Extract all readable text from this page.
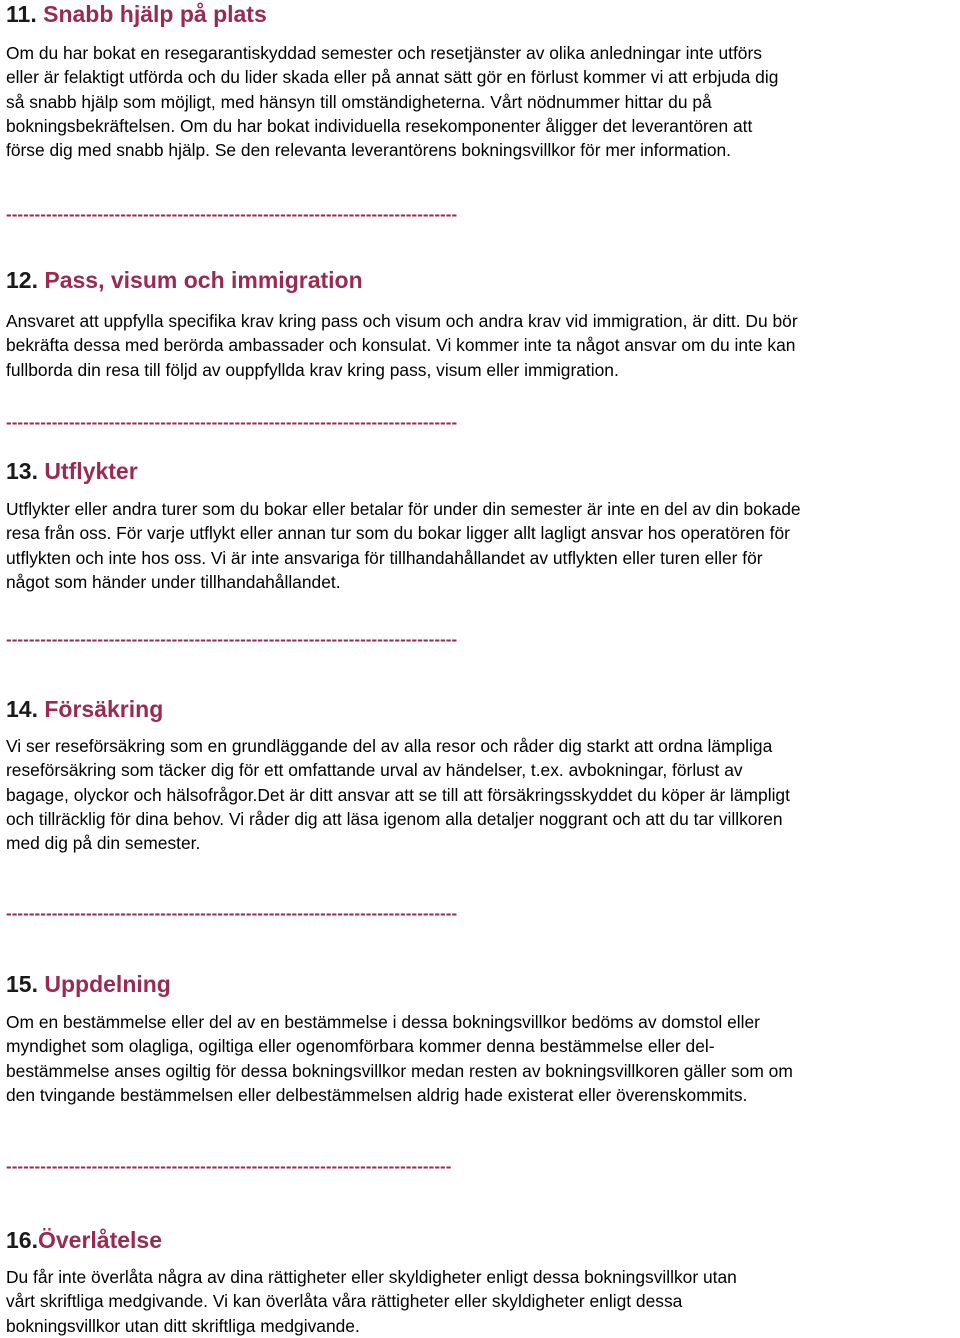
11. Snabb hjälp på plats

Om du har bokat en resegarantiskyddad semester och resetjänster av olika anledningar inte utförs
eller är felaktigt utförda och du lider skada eller på annat sätt gör en förlust kommer vi att erbjuda dig
så snabb hjälp som möjligt, med hänsyn till omständigheterna. Vårt nödnummer hittar du på
bokningsbekräftelsen. Om du har bokat individuella resekomponenter åligger det leverantören att
förse dig med snabb hjälp. Se den relevanta leverantörens bokningsvillkor för mer information.

-------------------------------------------------------------------------------
12. Pass, visum och immigration

Ansvaret att uppfylla specifika krav kring pass och visum och andra krav vid immigration, är ditt. Du bör
bekräfta dessa med berörda ambassader och konsulat. Vi kommer inte ta något ansvar om du inte kan
fullborda din resa till följd av ouppfyllda krav kring pass, visum eller immigration.

-------------------------------------------------------------------------------
13. Utflykter

Utflykter eller andra turer som du bokar eller betalar för under din semester är inte en del av din bokade
resa från oss. För varje utflykt eller annan tur som du bokar ligger allt lagligt ansvar hos operatören för
utflykten och inte hos oss. Vi är inte ansvariga för tillhandahållandet av utflykten eller turen eller för
något som händer under tillhandahållandet.

-------------------------------------------------------------------------------
14. Försäkring

Vi ser reseförsäkring som en grundläggande del av alla resor och råder dig starkt att ordna lämpliga
reseförsäkring som täcker dig för ett omfattande urval av händelser, t.ex. avbokningar, förlust av
bagage, olyckor och hälsofrågor.Det är ditt ansvar att se till att försäkringsskyddet du köper är lämpligt
och tillräcklig för dina behov. Vi råder dig att läsa igenom alla detaljer noggrant och att du tar villkoren
med dig på din semester.

-------------------------------------------------------------------------------
15. Uppdelning

Om en bestämmelse eller del av en bestämmelse i dessa bokningsvillkor bedöms av domstol eller
myndighet som olagliga, ogiltiga eller ogenomförbara kommer denna bestämmelse eller del-
bestämmelse anses ogiltig för dessa bokningsvillkor medan resten av bokningsvillkoren gäller som om
den tvingande bestämmelsen eller delbestämmelsen aldrig hade existerat eller överenskommits.

------------------------------------------------------------------------------
16.Överlåtelse

Du får inte överlåta några av dina rättigheter eller skyldigheter enligt dessa bokningsvillkor utan
vårt skriftliga medgivande. Vi kan överlåta våra rättigheter eller skyldigheter enligt dessa
bokningsvillkor utan ditt skriftliga medgivande.
